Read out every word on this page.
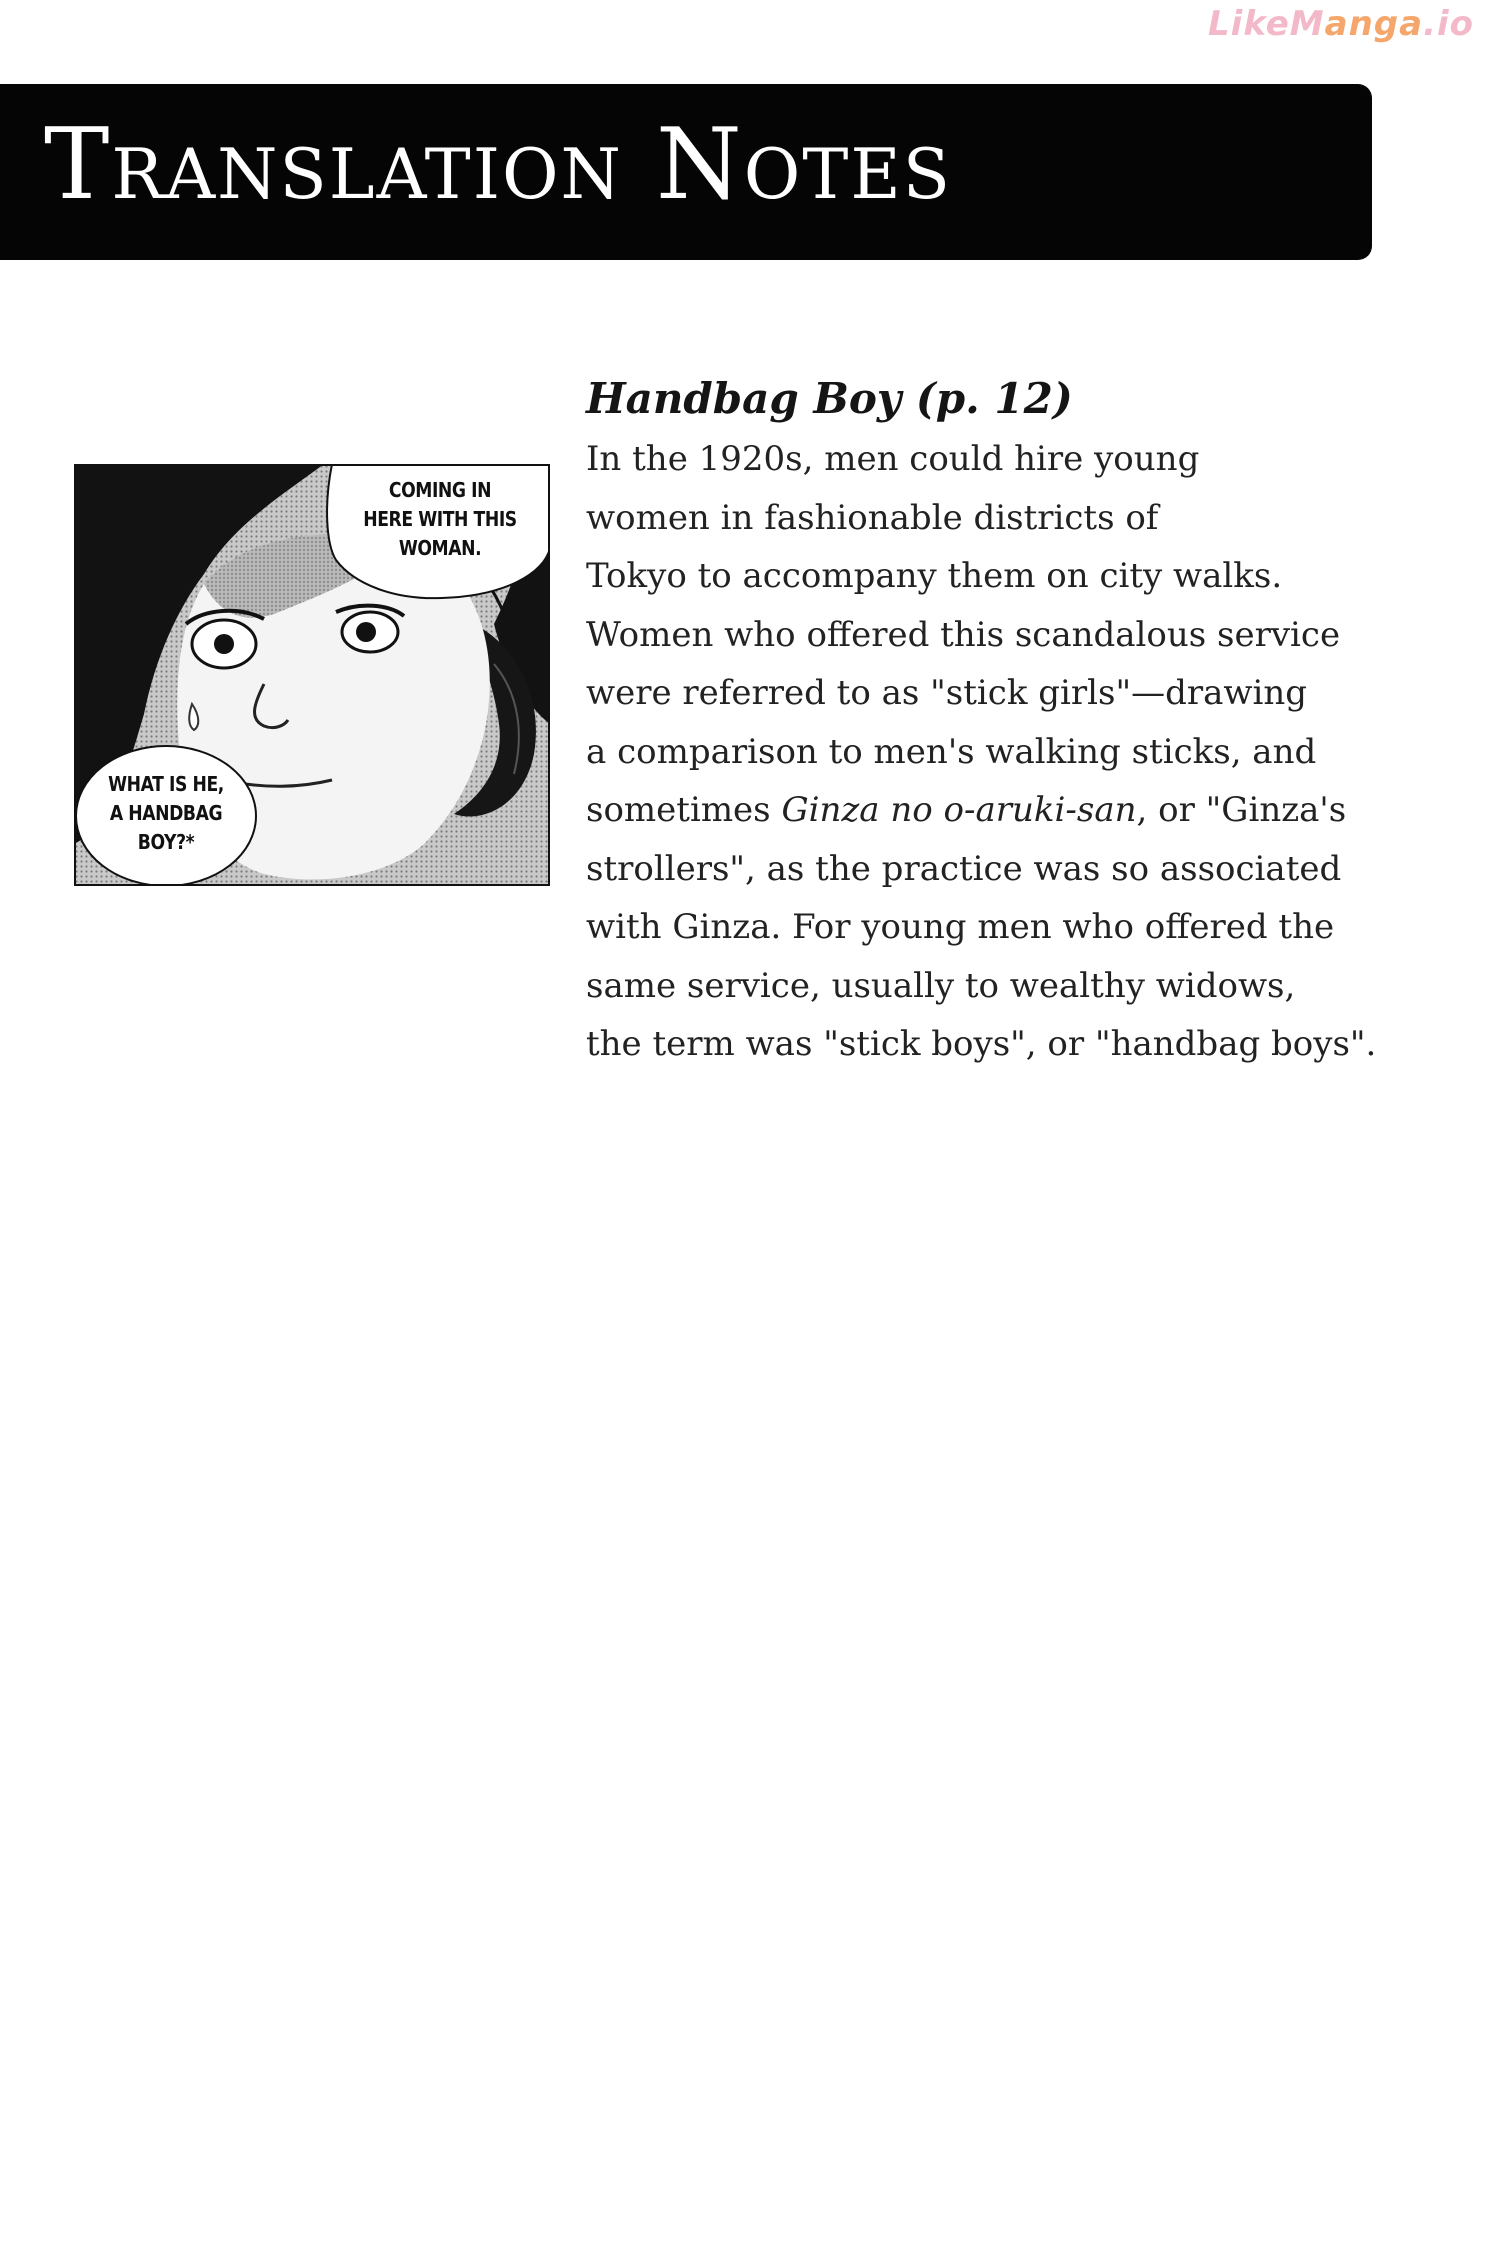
LikeManga.io
Translation Notes
COMING IN
HERE WITH THIS
WOMAN.
WHAT IS HE,
A HANDBAG
BOY?*
Handbag Boy (p. 12)

In the 1920s, men could hire young
women in fashionable districts of
Tokyo to accompany them on city walks.
Women who offered this scandalous service
were referred to as "stick girls"—drawing
a comparison to men's walking sticks, and
sometimes Ginza no o-aruki-san, or "Ginza's
strollers", as the practice was so associated
with Ginza. For young men who offered the
same service, usually to wealthy widows,
the term was "stick boys", or "handbag boys".
